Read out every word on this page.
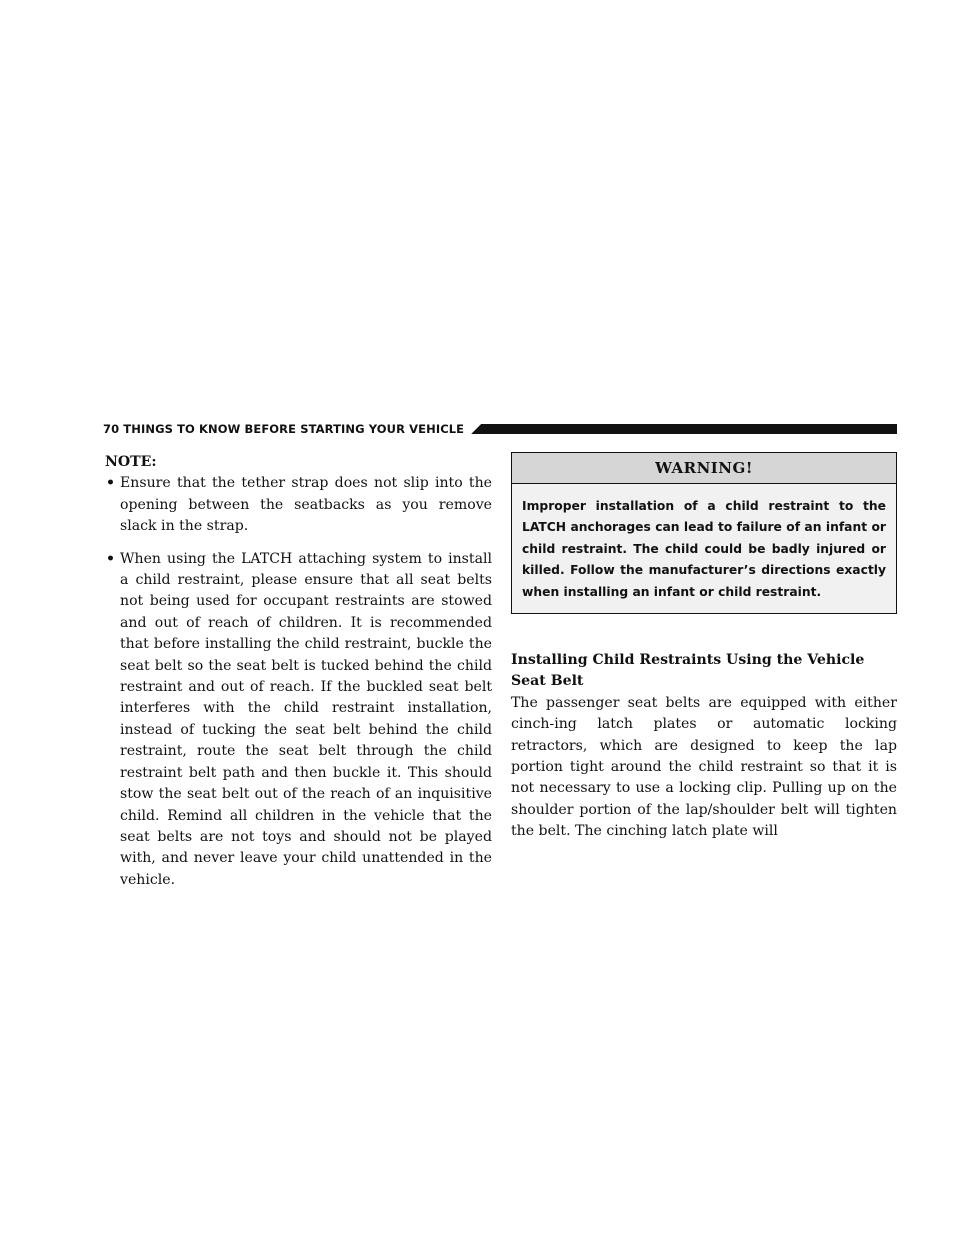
70 THINGS TO KNOW BEFORE STARTING YOUR VEHICLE
NOTE:
• Ensure that the tether strap does not slip into the opening between the seatbacks as you remove slack in the strap.
• When using the LATCH attaching system to install a child restraint, please ensure that all seat belts not being used for occupant restraints are stowed and out of reach of children. It is recommended that before installing the child restraint, buckle the seat belt so the seat belt is tucked behind the child restraint and out of reach. If the buckled seat belt interferes with the child restraint installation, instead of tucking the seat belt behind the child restraint, route the seat belt through the child restraint belt path and then buckle it. This should stow the seat belt out of the reach of an inquisitive child. Remind all children in the vehicle that the seat belts are not toys and should not be played with, and never leave your child unattended in the vehicle.
WARNING!
Improper installation of a child restraint to the LATCH anchorages can lead to failure of an infant or child restraint. The child could be badly injured or killed. Follow the manufacturer’s directions exactly when installing an infant or child restraint.
Installing Child Restraints Using the Vehicle Seat Belt
The passenger seat belts are equipped with either cinch-ing latch plates or automatic locking retractors, which are designed to keep the lap portion tight around the child restraint so that it is not necessary to use a locking clip. Pulling up on the shoulder portion of the lap/shoulder belt will tighten the belt. The cinching latch plate will
